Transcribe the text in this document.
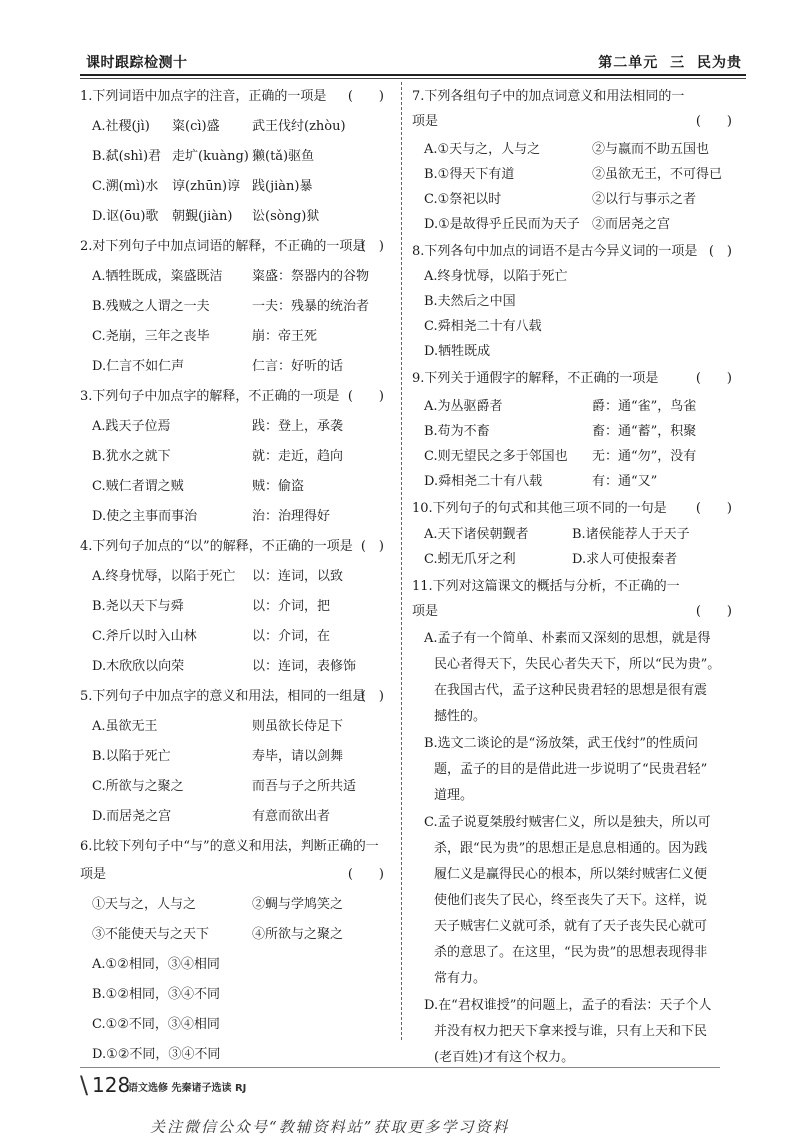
课时跟踪检测十	第二单元 三 民为贵
1.下列词语中加点字的注音，正确的一项是 (　　)
A.社稷(jì) 粢(cì)盛 武王伐纣(zhòu)
B.弑(shì)君 走圹(kuàng) 獭(tǎ)驱鱼
C.溯(mì)水 谆(zhūn)谆 践(jiàn)暴
D.讴(ōu)歌 朝覲(jiàn) 讼(sòng)狱
2.对下列句子中加点词语的解释，不正确的一项是
(　)
A.牺牲既成，粢盛既洁 粢盛：祭器内的谷物
B.残贼之人谓之一夫	一夫：残暴的统治者
C.尧崩，三年之丧毕	崩：帝王死
D.仁言不如仁声	仁言：好听的话
3.下列句子中加点字的解释，不正确的一项是 (　　)
A.践天子位焉	践：登上，承袭
B.犹水之就下	就：走近，趋向
C.贼仁者谓之贼	贼：偷盗
D.使之主事而事治	治：治理得好
4.下列句子加点的“以”的解释，不正确的一项是 (　)
A.终身忧辱，以陷于死亡 以：连词，以致
B.尧以天下与舜	以：介词，把
C.斧斤以时入山林	以：介词，在
D.木欣欣以向荣	以：连词，表修饰
5.下列句子中加点字的意义和用法，相同的一组是
(　)
A.虽欲无王	则虽欲长侍足下
B.以陷于死亡	寿毕，请以剑舞
C.所欲与之聚之	而吾与子之所共适
D.而居尧之宫	有意而欲出者
6.比较下列句子中“与”的意义和用法，判断正确的一
项是	(　　)
①天与之，人与之	②蜩与学鸠笑之
③不能使天与之天下	④所欲与之聚之
A.①②相同，③④相同
B.①②相同，③④不同
C.①②不同，③④相同
D.①②不同，③④不同
7.下列各组句子中的加点词意义和用法相同的一
项是	(　　)
A.①天与之，人与之	②与嬴而不助五国也
B.①得天下有道	②虽欲无王，不可得已
C.①祭祀以时	②以行与事示之者
D.①是故得乎丘民而为天子 ②而居尧之宫
8.下列各句中加点的词语不是古今异义词的一项是 (　)
A.终身忧辱，以陷于死亡
B.夫然后之中国
C.舜相尧二十有八载
D.牺牲既成
9.下列关于通假字的解释，不正确的一项是	(　　)
A.为丛驱爵者	爵：通“雀”，鸟雀
B.苟为不畜	畜：通“蓄”，积聚
C.则无望民之多于邻国也 无：通“勿”，没有
D.舜相尧二十有八载	有：通“又”
10.下列句子的句式和其他三项不同的一句是 (　　)
A.天下诸侯朝觐者	B.诸侯能荐人于天子
C.蚓无爪牙之利	D.求人可使报秦者
11.下列对这篇课文的概括与分析，不正确的一
项是	(　　)
A.孟子有一个简单、朴素而又深刻的思想，就是得
民心者得天下，失民心者失天下，所以“民为贵”。
在我国古代，孟子这种民贵君轻的思想是很有震
撼性的。
B.选文二谈论的是“汤放桀，武王伐纣”的性质问
题，孟子的目的是借此进一步说明了“民贵君轻”
道理。
C.孟子说夏桀殷纣贼害仁义，所以是独夫，所以可
杀，跟“民为贵”的思想正是息息相通的。因为践
履仁义是赢得民心的根本，所以桀纣贼害仁义便
使他们丧失了民心，终至丧失了天下。这样，说
天子贼害仁义就可杀，就有了天子丧失民心就可
杀的意思了。在这里，“民为贵”的思想表现得非
常有力。
D.在“君权谁授”的问题上，孟子的看法：天子个人
并没有权力把天下拿来授与谁，只有上天和下民
(老百姓)才有这个权力。
\ 128
语文选修 先秦诸子选读 RJ
关注微信公众号“教辅资料站”获取更多学习资料
